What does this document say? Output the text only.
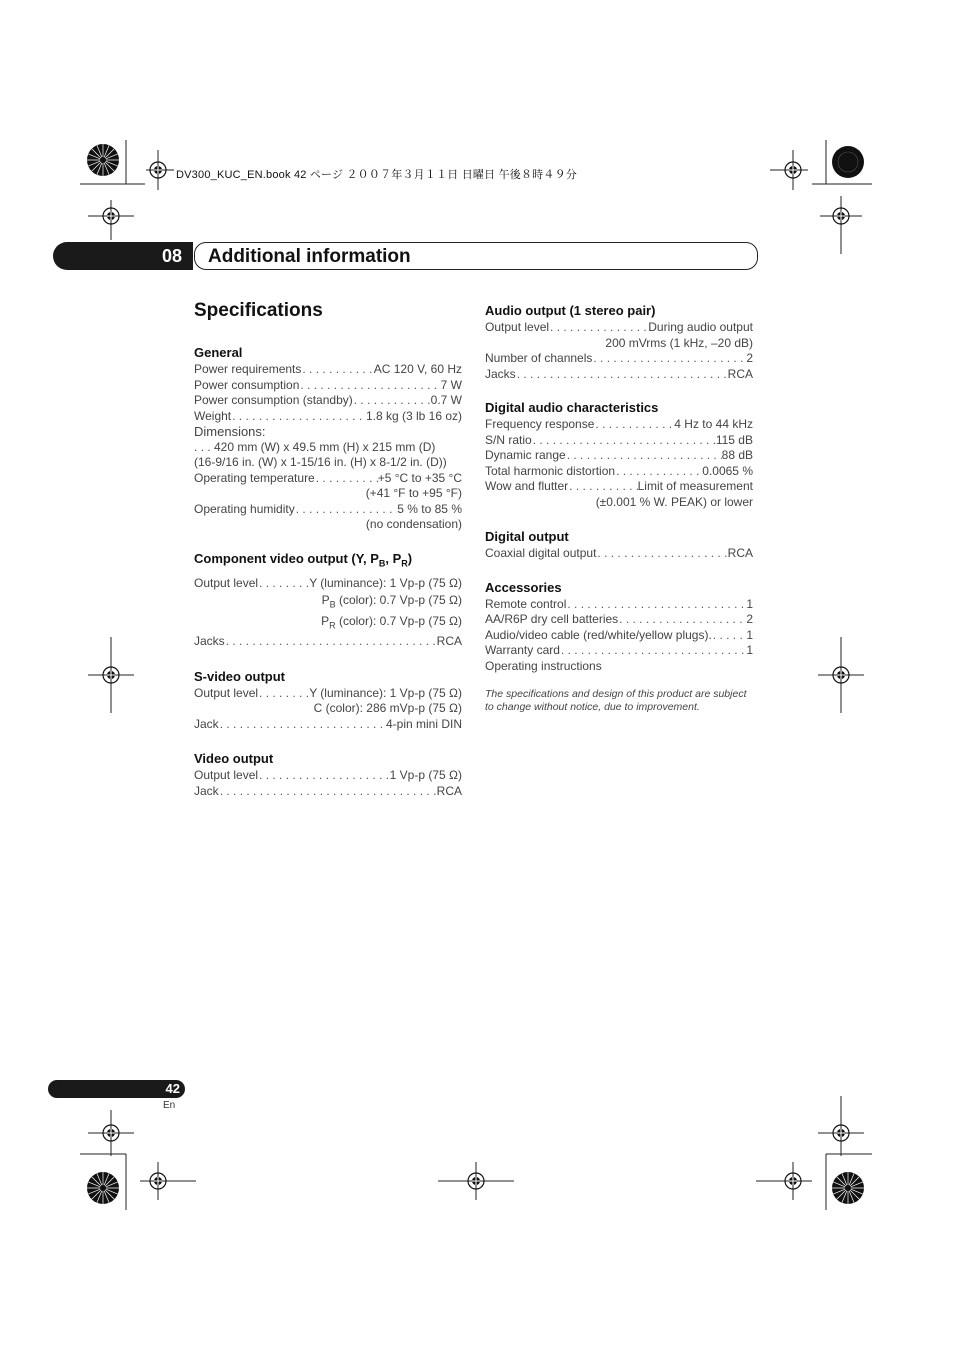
DV300_KUC_EN.book 42 ページ ２００７年３月１１日 日曜日 午後８時４９分
08	Additional information
Specifications
General
Power requirements . . .	AC 120 V, 60 Hz
Power consumption . . .	7 W
Power consumption (standby) . . .	0.7 W
Weight . . .	1.8 kg (3 lb 16 oz)
Dimensions:
. . . 420 mm (W) x 49.5 mm (H) x 215 mm (D)
(16-9/16 in. (W) x 1-15/16 in. (H) x 8-1/2 in. (D))
Operating temperature . . .	+5 °C to +35 °C
(+41 °F to +95 °F)
Operating humidity . . .	5 % to 85 %
(no condensation)
Component video output (Y, $P_B$, $P_R$)
Output level . . .	Y (luminance): 1 Vp-p (75 Ω)
$P_B$ (color): 0.7 Vp-p (75 Ω)
$P_R$ (color): 0.7 Vp-p (75 Ω)
Jacks . . .	RCA
S-video output
Output level . . .	Y (luminance): 1 Vp-p (75 Ω)
C (color): 286 mVp-p (75 Ω)
Jack . . .	4-pin mini DIN
Video output
Output level . . .	1 Vp-p (75 Ω)
Jack . . .	RCA
Audio output (1 stereo pair)
Output level . . .	During audio output
200 mVrms (1 kHz, –20 dB)
Number of channels . . .	2
Jacks . . .	RCA
Digital audio characteristics
Frequency response . . .	4 Hz to 44 kHz
S/N ratio . . .	115 dB
Dynamic range . . .	88 dB
Total harmonic distortion . . .	0.0065 %
Wow and flutter . . .	Limit of measurement
(±0.001 % W. PEAK) or lower
Digital output
Coaxial digital output . . .	RCA
Accessories
Remote control . . .	1
AA/R6P dry cell batteries . . .	2
Audio/video cable (red/white/yellow plugs). . . .	1
Warranty card . . .	1
Operating instructions
The specifications and design of this product are subject to change without notice, due to improvement.
42
En
